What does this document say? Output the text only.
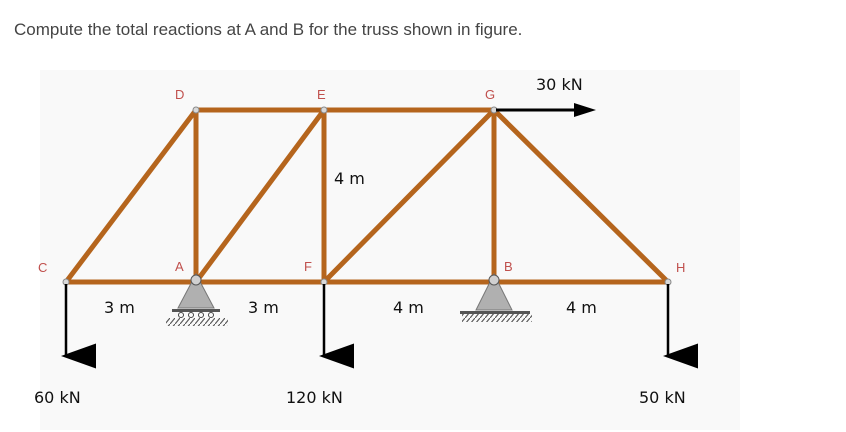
Compute the total reactions at A and B for the truss shown in figure.
C	A	F	B	H
D	E	G
3 m	3 m	4 m	4 m
4 m
60 kN	120 kN	50 kN
30 kN
